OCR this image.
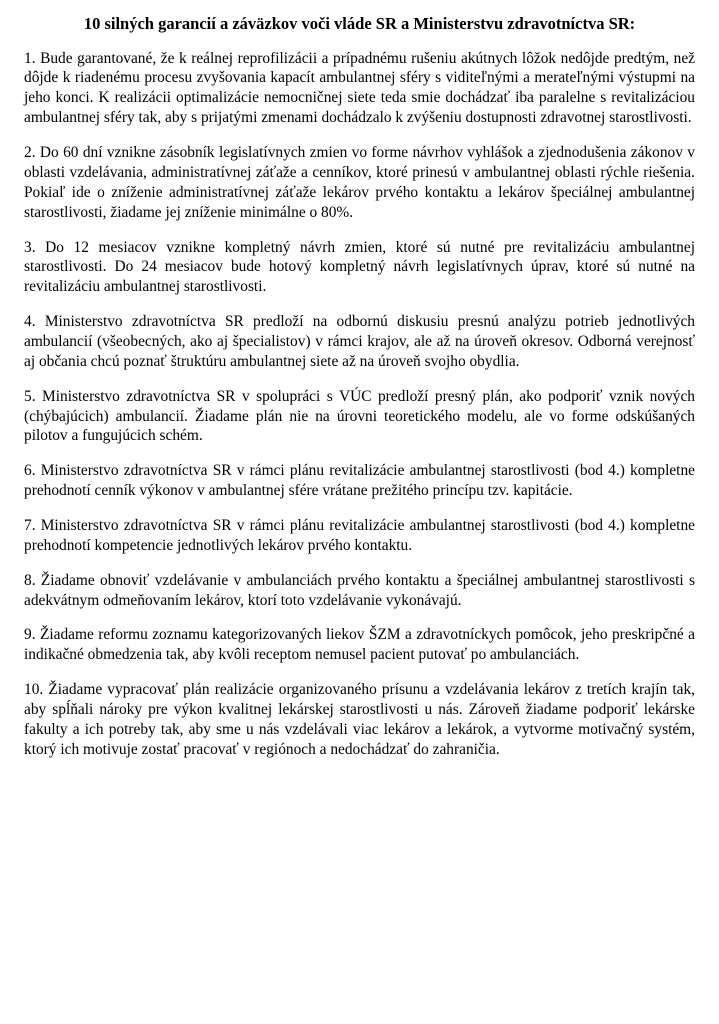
10 silných garancií a záväzkov voči vláde SR a Ministerstvu zdravotníctva SR:

1. Bude garantované, že k reálnej reprofilizácii a prípadnému rušeniu akútnych lôžok nedôjde predtým, než dôjde k riadenému procesu zvyšovania kapacít ambulantnej sféry s viditeľnými a merateľnými výstupmi na jeho konci. K realizácii optimalizácie nemocničnej siete teda smie dochádzať iba paralelne s revitalizáciou ambulantnej sféry tak, aby s prijatými zmenami dochádzalo k zvýšeniu dostupnosti zdravotnej starostlivosti.

2. Do 60 dní vznikne zásobník legislatívnych zmien vo forme návrhov vyhlášok a zjednodušenia zákonov v oblasti vzdelávania, administratívnej záťaže a cenníkov, ktoré prinesú v ambulantnej oblasti rýchle riešenia. Pokiaľ ide o zníženie administratívnej záťaže lekárov prvého kontaktu a lekárov špeciálnej ambulantnej starostlivosti, žiadame jej zníženie minimálne o 80%.

3. Do 12 mesiacov vznikne kompletný návrh zmien, ktoré sú nutné pre revitalizáciu ambulantnej starostlivosti. Do 24 mesiacov bude hotový kompletný návrh legislatívnych úprav, ktoré sú nutné na revitalizáciu ambulantnej starostlivosti.

4. Ministerstvo zdravotníctva SR predloží na odbornú diskusiu presnú analýzu potrieb jednotlivých ambulancií (všeobecných, ako aj špecialistov) v rámci krajov, ale až na úroveň okresov. Odborná verejnosť aj občania chcú poznať štruktúru ambulantnej siete až na úroveň svojho obydlia.

5. Ministerstvo zdravotníctva SR v spolupráci s VÚC predloží presný plán, ako podporiť vznik nových (chýbajúcich) ambulancií. Žiadame plán nie na úrovni teoretického modelu, ale vo forme odskúšaných pilotov a fungujúcich schém.

6. Ministerstvo zdravotníctva SR v rámci plánu revitalizácie ambulantnej starostlivosti (bod 4.) kompletne prehodnotí cenník výkonov v ambulantnej sfére vrátane prežitého princípu tzv. kapitácie.

7. Ministerstvo zdravotníctva SR v rámci plánu revitalizácie ambulantnej starostlivosti (bod 4.) kompletne prehodnotí kompetencie jednotlivých lekárov prvého kontaktu.

8. Žiadame obnoviť vzdelávanie v ambulanciách prvého kontaktu a špeciálnej ambulantnej starostlivosti s adekvátnym odmeňovaním lekárov, ktorí toto vzdelávanie vykonávajú.

9. Žiadame reformu zoznamu kategorizovaných liekov ŠZM a zdravotníckych pomôcok, jeho preskripčné a indikačné obmedzenia tak, aby kvôli receptom nemusel pacient putovať po ambulanciách.

10. Žiadame vypracovať plán realizácie organizovaného prísunu a vzdelávania lekárov z tretích krajín tak, aby spĺňali nároky pre výkon kvalitnej lekárskej starostlivosti u nás. Zároveň žiadame podporiť lekárske fakulty a ich potreby tak, aby sme u nás vzdelávali viac lekárov a lekárok, a vytvorme motivačný systém, ktorý ich motivuje zostať pracovať v regiónoch a nedochádzať do zahraničia.
